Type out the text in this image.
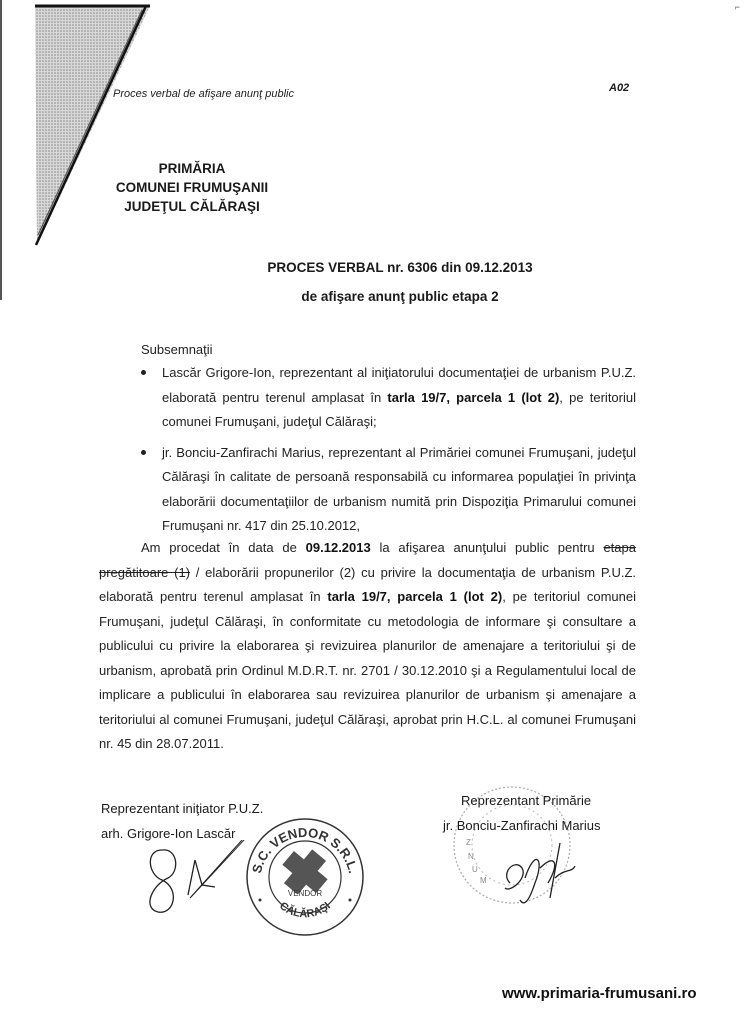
⌐
Proces verbal de afişare anunţ public	A02
PRIMĂRIA
COMUNEI FRUMUŞANII
JUDEŢUL CĂLĂRAŞI
PROCES VERBAL nr. 6306 din 09.12.2013
de afişare anunţ public etapa 2
Subsemnaţii
Lascăr Grigore-Ion, reprezentant al iniţiatorului documentaţiei de urbanism P.U.Z. elaborată pentru terenul amplasat în tarla 19/7, parcela 1 (lot 2), pe teritoriul comunei Frumuşani, judeţul Călăraşi;
jr. Bonciu-Zanfirachi Marius, reprezentant al Primăriei comunei Frumuşani, judeţul Călăraşi în calitate de persoană responsabilă cu informarea populaţiei în privinţa elaborării documentaţiilor de urbanism numită prin Dispoziţia Primarului comunei Frumuşani nr. 417 din 25.10.2012,
Am procedat în data de 09.12.2013 la afişarea anunţului public pentru etapa pregătitoare (1) / elaborării propunerilor (2) cu privire la documentaţia de urbanism P.U.Z. elaborată pentru terenul amplasat în tarla 19/7, parcela 1 (lot 2), pe teritoriul comunei Frumuşani, judeţul Călăraşi, în conformitate cu metodologia de informare şi consultare a publicului cu privire la elaborarea şi revizuirea planurilor de amenajare a teritoriului şi de urbanism, aprobată prin Ordinul M.D.R.T. nr. 2701 / 30.12.2010 şi a Regulamentului local de implicare a publicului în elaborarea sau revizuirea planurilor de urbanism şi amenajare a teritoriului al comunei Frumuşani, judeţul Călăraşi, aprobat prin H.C.L. al comunei Frumuşani nr. 45 din 28.07.2011.
Reprezentant iniţiator P.U.Z.
arh. Grigore-Ion Lascăr
S.C. VENDOR S.R.L.
CĂLĂRAŞI
VENDOR
Z
N
U
M
Reprezentant Primărie
jr. Bonciu-Zanfirachi Marius
www.primaria-frumusani.ro
